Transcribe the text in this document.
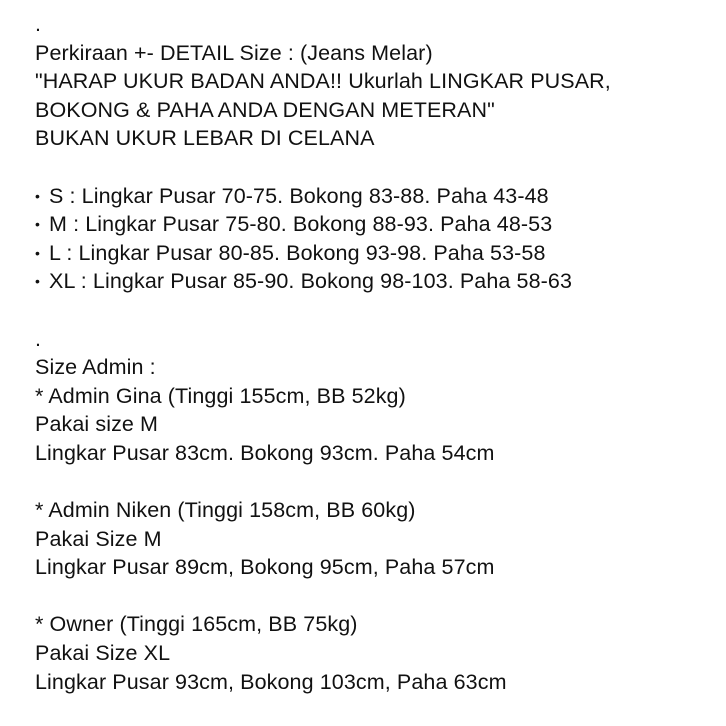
.
Perkiraan +- DETAIL Size : (Jeans Melar)
"HARAP UKUR BADAN ANDA!! Ukurlah LINGKAR PUSAR,
BOKONG & PAHA ANDA DENGAN METERAN"
BUKAN UKUR LEBAR DI CELANA
• S : Lingkar Pusar 70-75. Bokong 83-88. Paha 43-48
• M : Lingkar Pusar 75-80. Bokong 88-93. Paha 48-53
• L : Lingkar Pusar 80-85. Bokong 93-98. Paha 53-58
• XL : Lingkar Pusar 85-90. Bokong 98-103. Paha 58-63
.
Size Admin :
* Admin Gina (Tinggi 155cm, BB 52kg)
Pakai size M
Lingkar Pusar 83cm. Bokong 93cm. Paha 54cm
* Admin Niken (Tinggi 158cm, BB 60kg)
Pakai Size M
Lingkar Pusar 89cm, Bokong 95cm, Paha 57cm
* Owner (Tinggi 165cm, BB 75kg)
Pakai Size XL
Lingkar Pusar 93cm, Bokong 103cm, Paha 63cm
